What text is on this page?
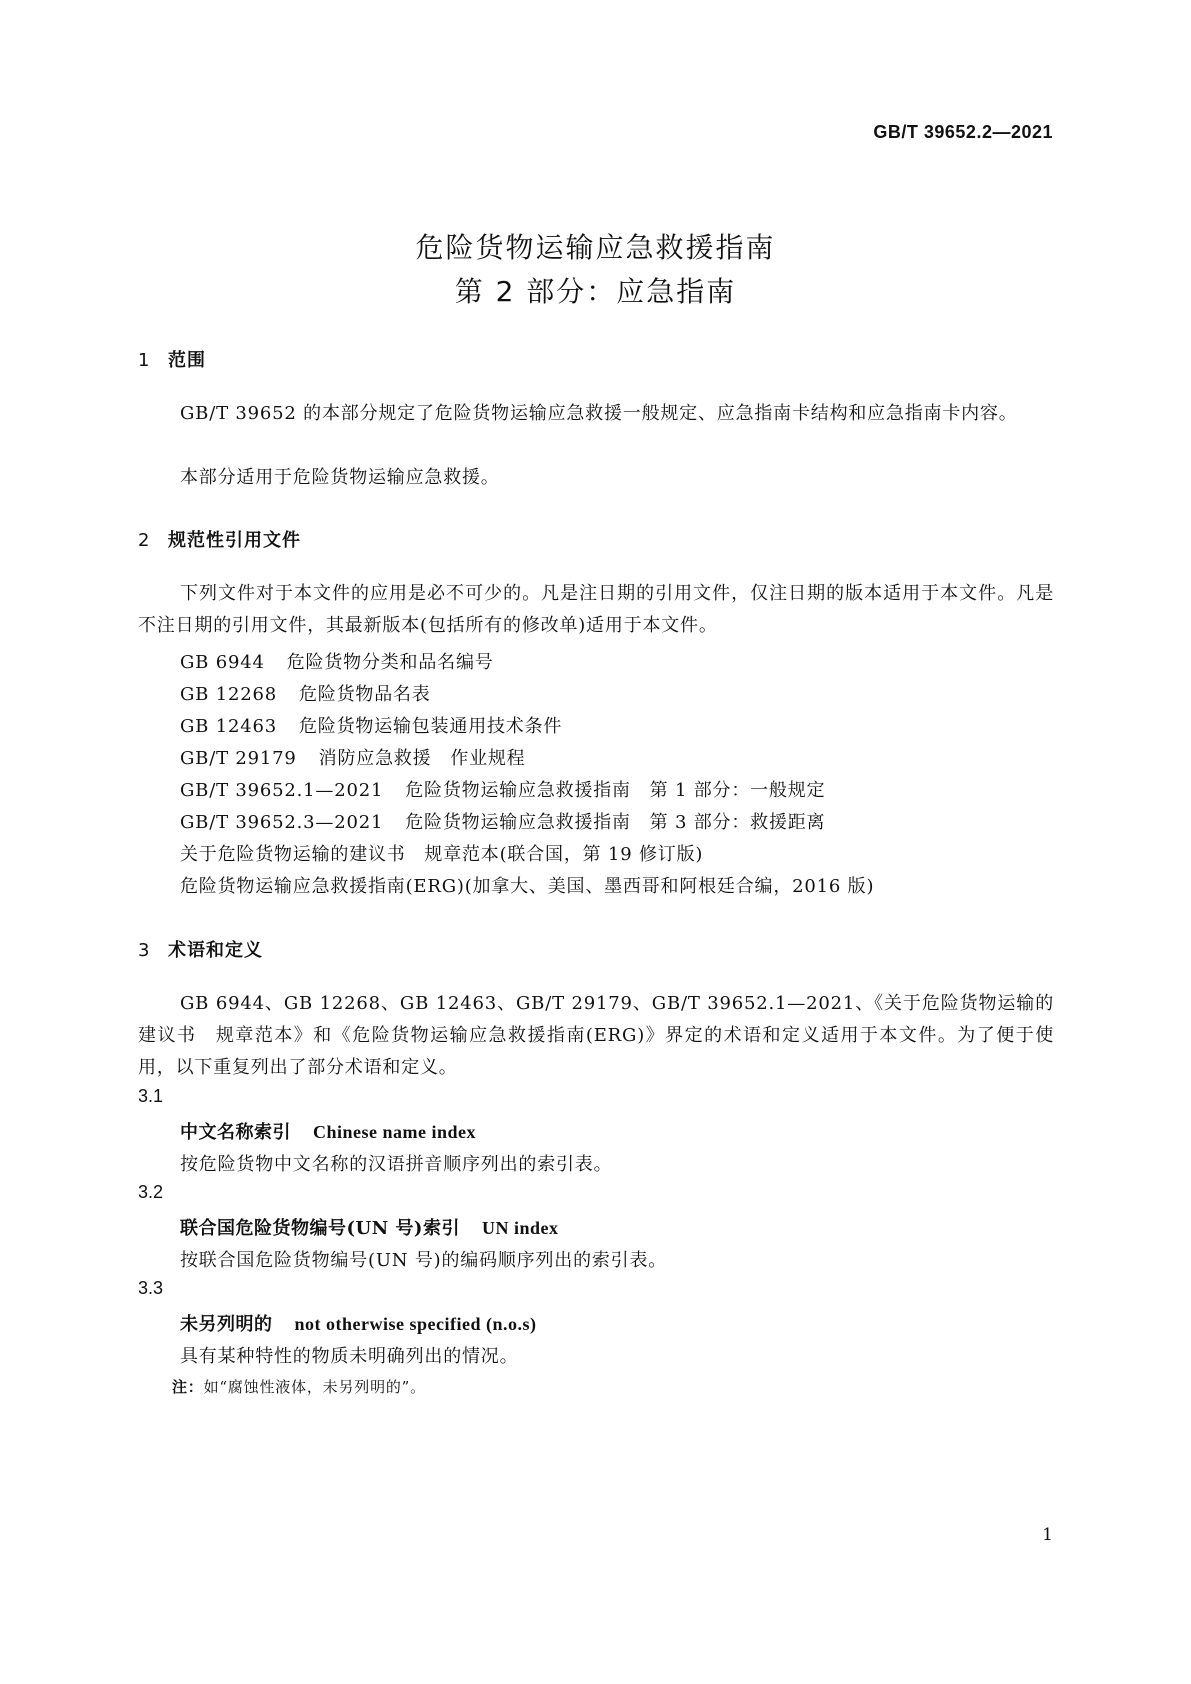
GB/T 39652.2—2021
危险货物运输应急救援指南
第 2 部分：应急指南
1 范围
GB/T 39652 的本部分规定了危险货物运输应急救援一般规定、应急指南卡结构和应急指南卡内容。
本部分适用于危险货物运输应急救援。
2 规范性引用文件
下列文件对于本文件的应用是必不可少的。凡是注日期的引用文件，仅注日期的版本适用于本文件。凡是不注日期的引用文件，其最新版本(包括所有的修改单)适用于本文件。
GB 6944 危险货物分类和品名编号
GB 12268 危险货物品名表
GB 12463 危险货物运输包装通用技术条件
GB/T 29179 消防应急救援　作业规程
GB/T 39652.1—2021 危险货物运输应急救援指南　第 1 部分：一般规定
GB/T 39652.3—2021 危险货物运输应急救援指南　第 3 部分：救援距离
关于危险货物运输的建议书　规章范本(联合国，第 19 修订版)
危险货物运输应急救援指南(ERG)(加拿大、美国、墨西哥和阿根廷合编，2016 版)
3 术语和定义
GB 6944、GB 12268、GB 12463、GB/T 29179、GB/T 39652.1—2021、《关于危险货物运输的建议书　规章范本》和《危险货物运输应急救援指南(ERG)》界定的术语和定义适用于本文件。为了便于使用，以下重复列出了部分术语和定义。
3.1
中文名称索引 Chinese name index
按危险货物中文名称的汉语拼音顺序列出的索引表。
3.2
联合国危险货物编号(UN 号)索引 UN index
按联合国危险货物编号(UN 号)的编码顺序列出的索引表。
3.3
未另列明的 not otherwise specified (n.o.s)
具有某种特性的物质未明确列出的情况。
注：如“腐蚀性液体，未另列明的”。
1
